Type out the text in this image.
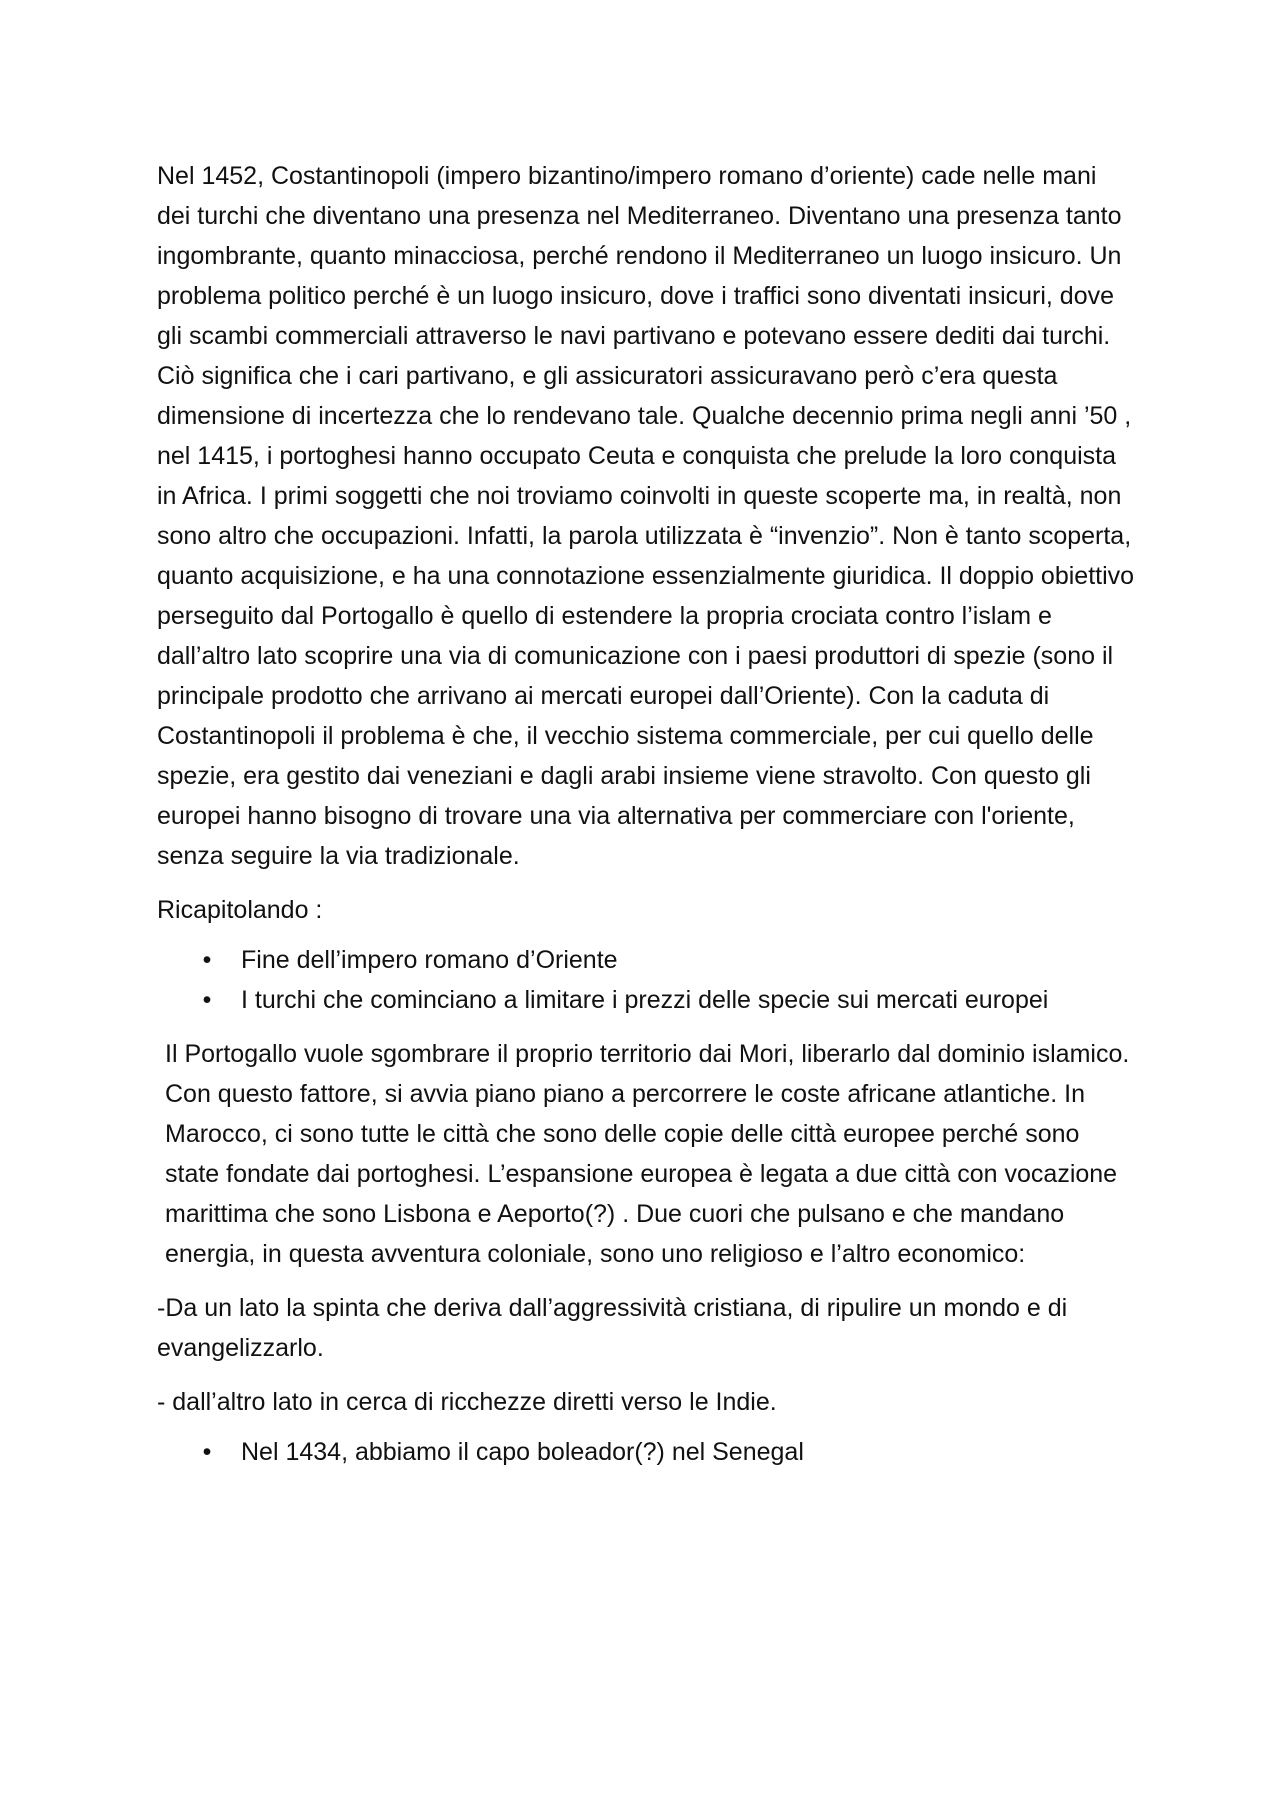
Nel 1452, Costantinopoli (impero bizantino/impero romano d’oriente) cade nelle mani dei turchi che diventano una presenza nel Mediterraneo. Diventano una presenza tanto ingombrante, quanto minacciosa, perché rendono il Mediterraneo un luogo insicuro. Un problema politico perché è un luogo insicuro, dove i traffici sono diventati insicuri, dove gli scambi commerciali attraverso le navi partivano e potevano essere dediti dai turchi. Ciò significa che i cari partivano, e gli assicuratori assicuravano però c’era questa dimensione di incertezza che lo rendevano tale. Qualche decennio prima negli anni ’50 , nel 1415, i portoghesi hanno occupato Ceuta e conquista che prelude la loro conquista in Africa. I primi soggetti che noi troviamo coinvolti in queste scoperte ma, in realtà, non sono altro che occupazioni. Infatti, la parola utilizzata è “invenzio”. Non è tanto scoperta, quanto acquisizione, e ha una connotazione essenzialmente giuridica. Il doppio obiettivo perseguito dal Portogallo è quello di estendere la propria crociata contro l’islam e dall’altro lato scoprire una via di comunicazione con i paesi produttori di spezie (sono il principale prodotto che arrivano ai mercati europei dall’Oriente). Con la caduta di Costantinopoli il problema è che, il vecchio sistema commerciale, per cui quello delle spezie, era gestito dai veneziani e dagli arabi insieme viene stravolto. Con questo gli europei hanno bisogno di trovare una via alternativa per commerciare con l'oriente, senza seguire la via tradizionale.

Ricapitolando :

• Fine dell’impero romano d’Oriente
• I turchi che cominciano a limitare i prezzi delle specie sui mercati europei

Il Portogallo vuole sgombrare il proprio territorio dai Mori, liberarlo dal dominio islamico. Con questo fattore, si avvia piano piano a percorrere le coste africane atlantiche. In Marocco, ci sono tutte le città che sono delle copie delle città europee perché sono state fondate dai portoghesi. L’espansione europea è legata a due città con vocazione marittima che sono Lisbona e Aeporto(?) . Due cuori che pulsano e che mandano energia, in questa avventura coloniale, sono uno religioso e l’altro economico:

-Da un lato la spinta che deriva dall’aggressività cristiana, di ripulire un mondo e di evangelizzarlo.

- dall’altro lato in cerca di ricchezze diretti verso le Indie.

• Nel 1434, abbiamo il capo boleador(?) nel Senegal
